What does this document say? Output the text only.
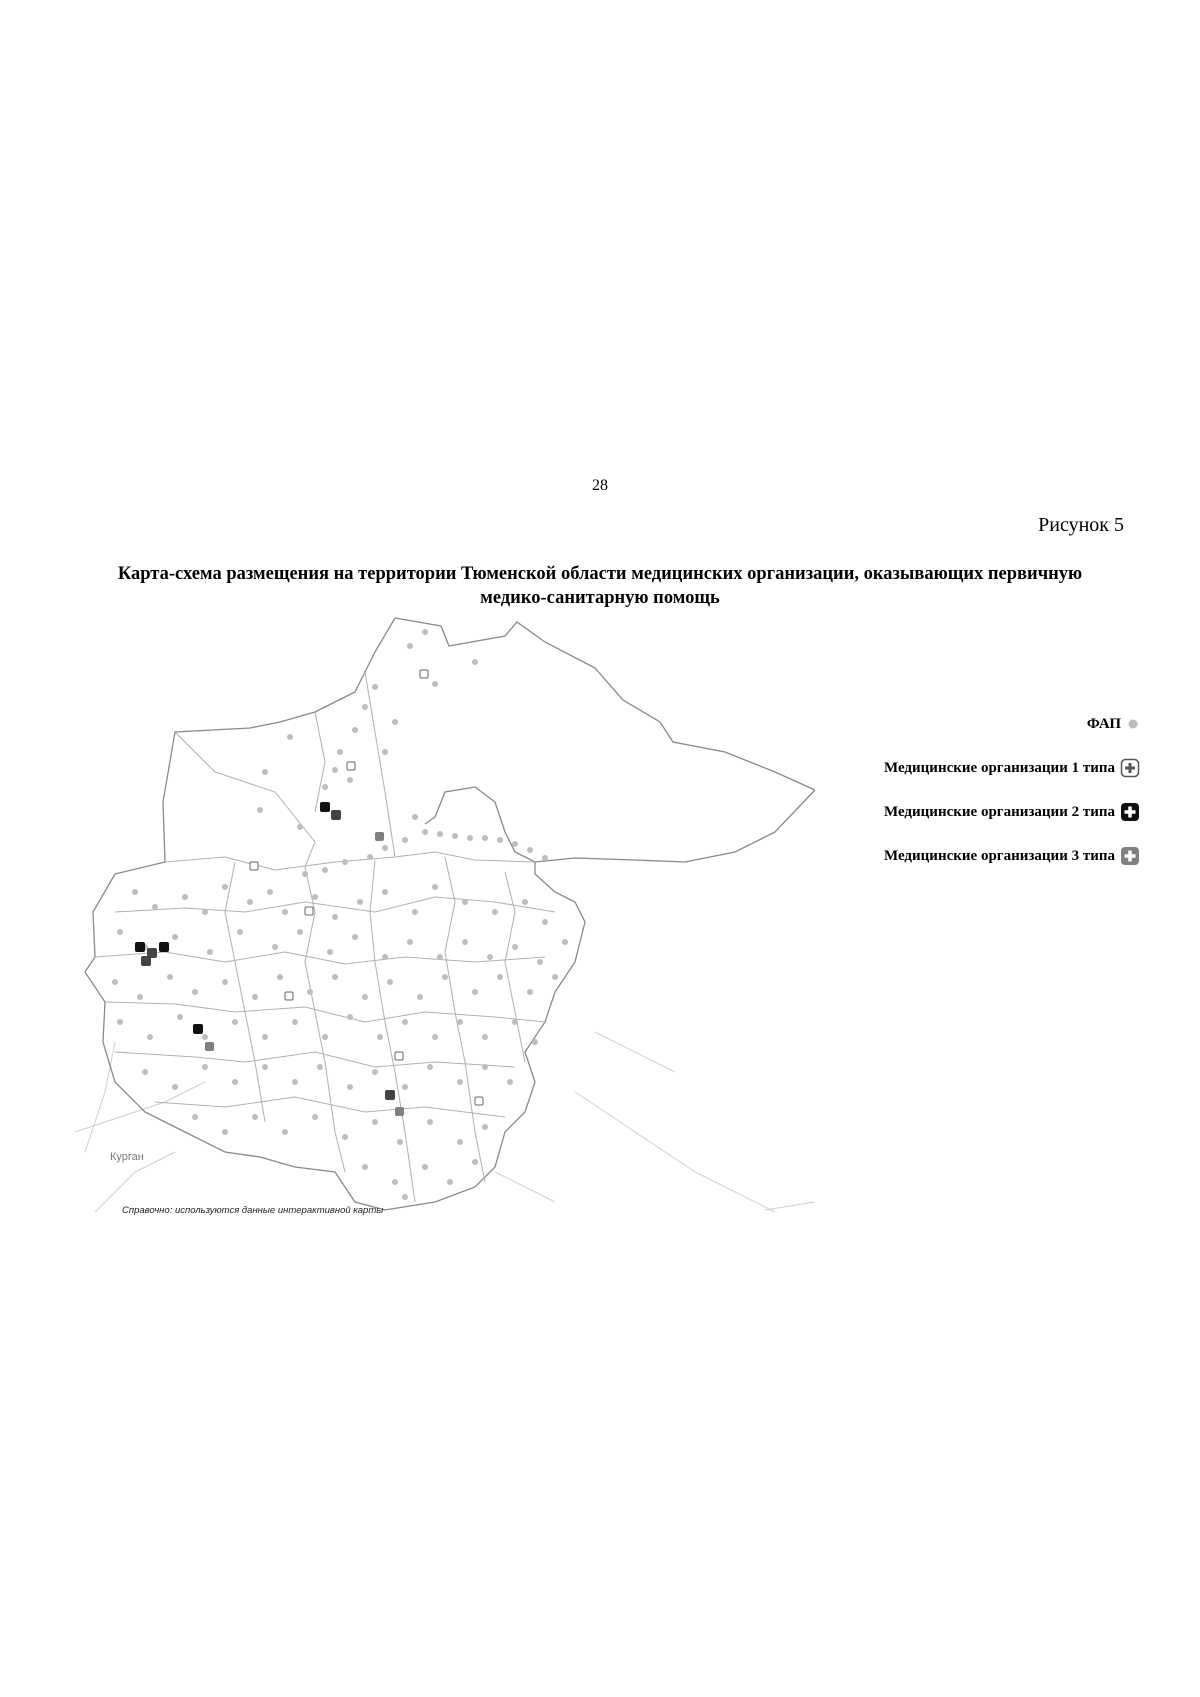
28
Рисунок 5
Карта-схема размещения на территории Тюменской области медицинских организации, оказывающих первичную медико-санитарную помощь
Курган
Справочно: используются данные интерактивной карты
ФАП
Медицинские организации 1 типа
Медицинские организации 2 типа
Медицинские организации 3 типа
